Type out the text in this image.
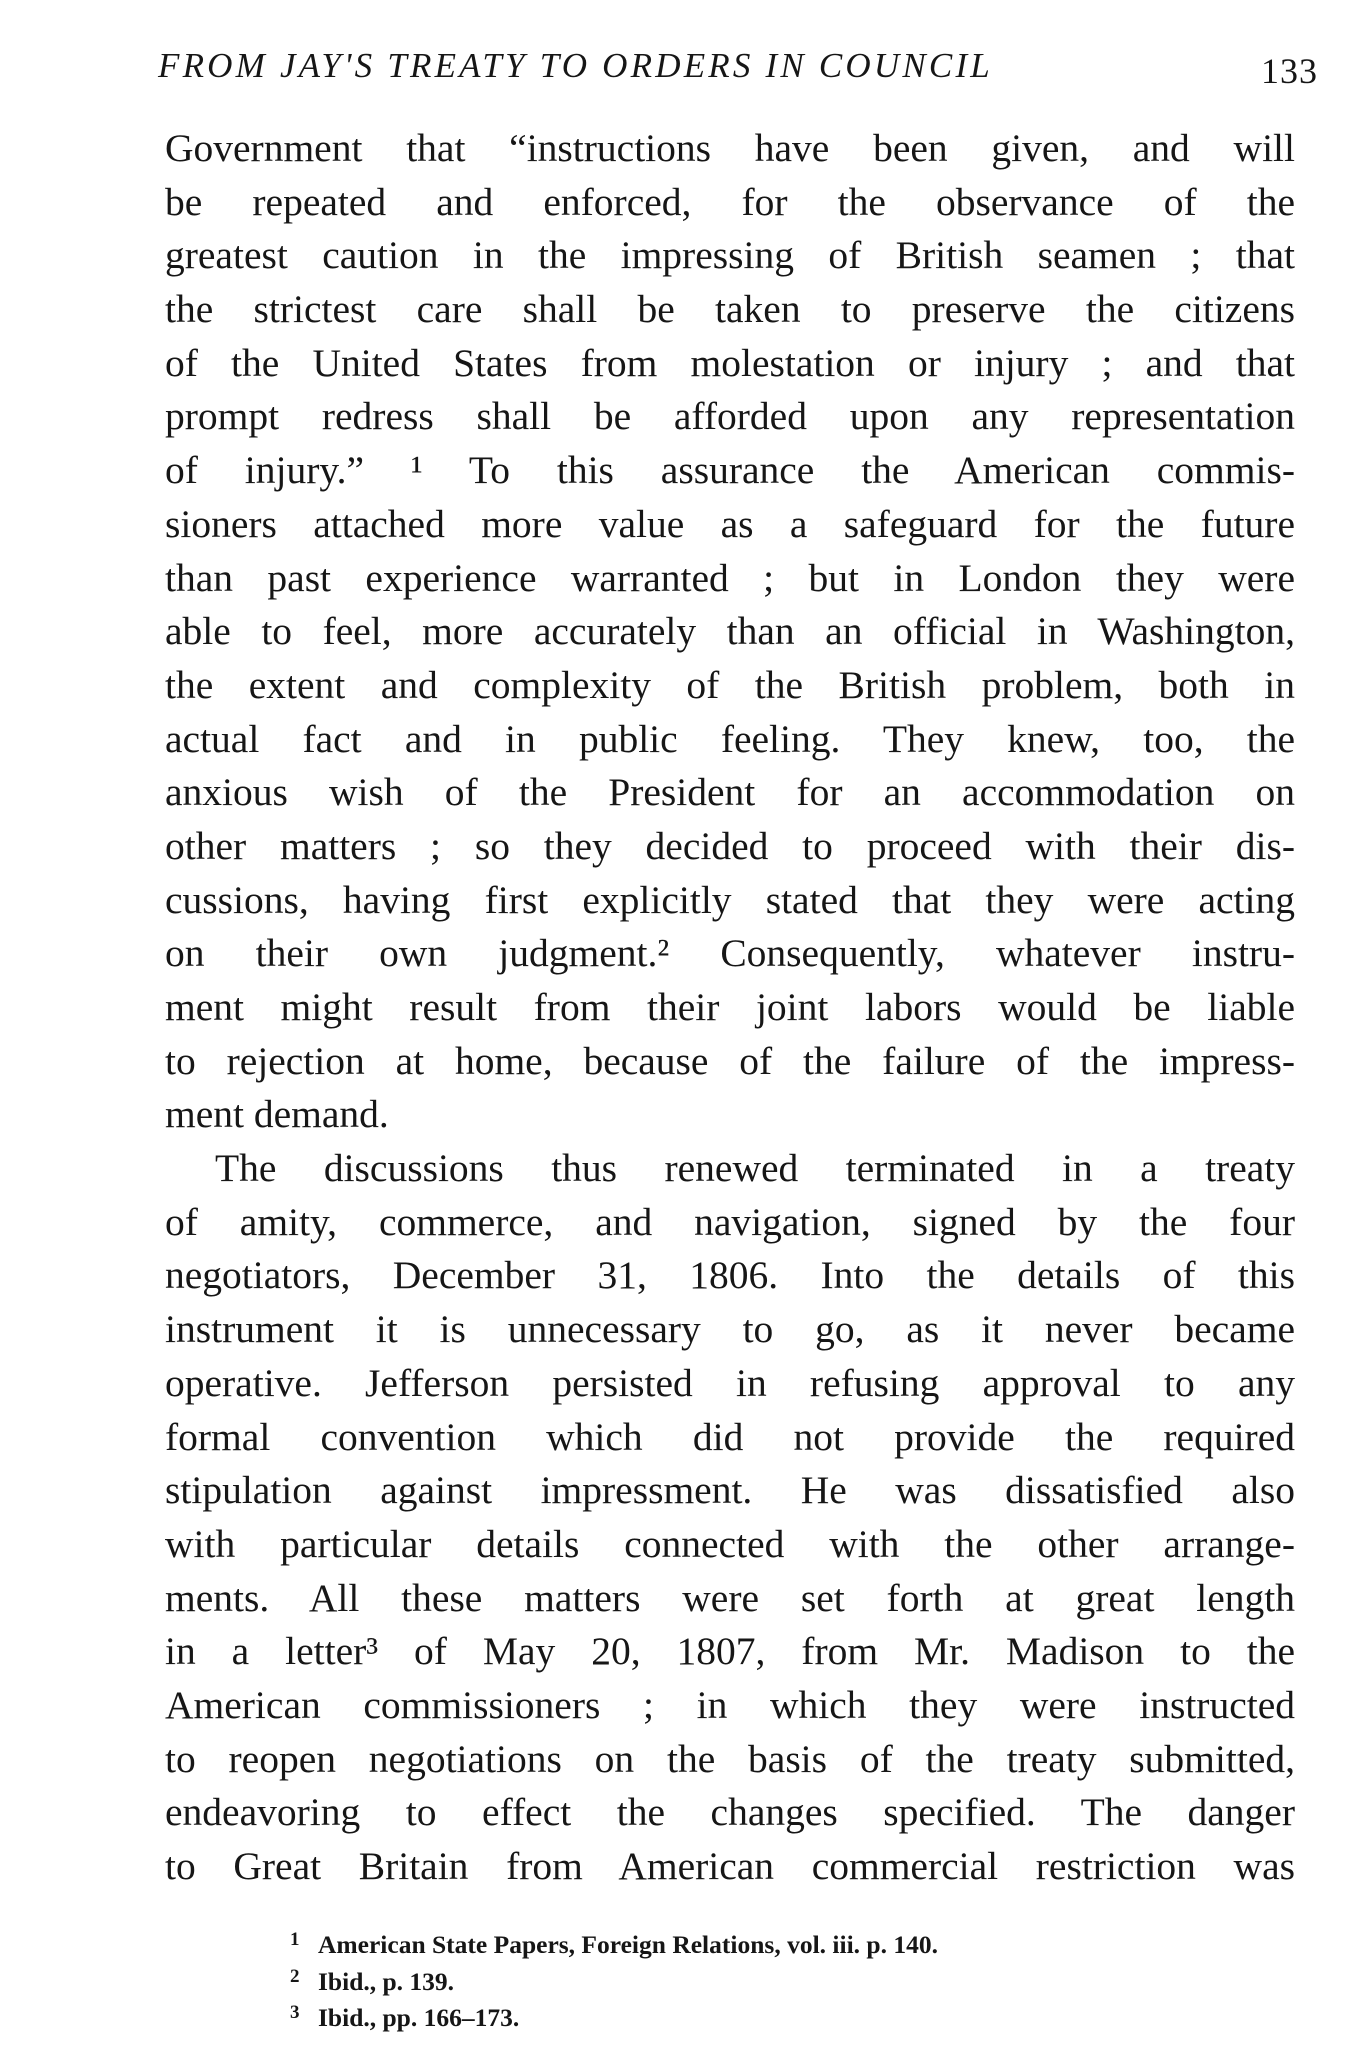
FROM JAY'S TREATY TO ORDERS IN COUNCIL	133
Government that “instructions have been given, and will
be repeated and enforced, for the observance of the
greatest caution in the impressing of British seamen ; that
the strictest care shall be taken to preserve the citizens
of the United States from molestation or injury ; and that
prompt redress shall be afforded upon any representation
of injury.” ¹ To this assurance the American commis-
sioners attached more value as a safeguard for the future
than past experience warranted ; but in London they were
able to feel, more accurately than an official in Washington,
the extent and complexity of the British problem, both in
actual fact and in public feeling. They knew, too, the
anxious wish of the President for an accommodation on
other matters ; so they decided to proceed with their dis-
cussions, having first explicitly stated that they were acting
on their own judgment.² Consequently, whatever instru-
ment might result from their joint labors would be liable
to rejection at home, because of the failure of the impress-
ment demand.
The discussions thus renewed terminated in a treaty
of amity, commerce, and navigation, signed by the four
negotiators, December 31, 1806. Into the details of this
instrument it is unnecessary to go, as it never became
operative. Jefferson persisted in refusing approval to any
formal convention which did not provide the required
stipulation against impressment. He was dissatisfied also
with particular details connected with the other arrange-
ments. All these matters were set forth at great length
in a letter³ of May 20, 1807, from Mr. Madison to the
American commissioners ; in which they were instructed
to reopen negotiations on the basis of the treaty submitted,
endeavoring to effect the changes specified. The danger
to Great Britain from American commercial restriction was
1 American State Papers, Foreign Relations, vol. iii. p. 140.
2 Ibid., p. 139.
3 Ibid., pp. 166–173.
